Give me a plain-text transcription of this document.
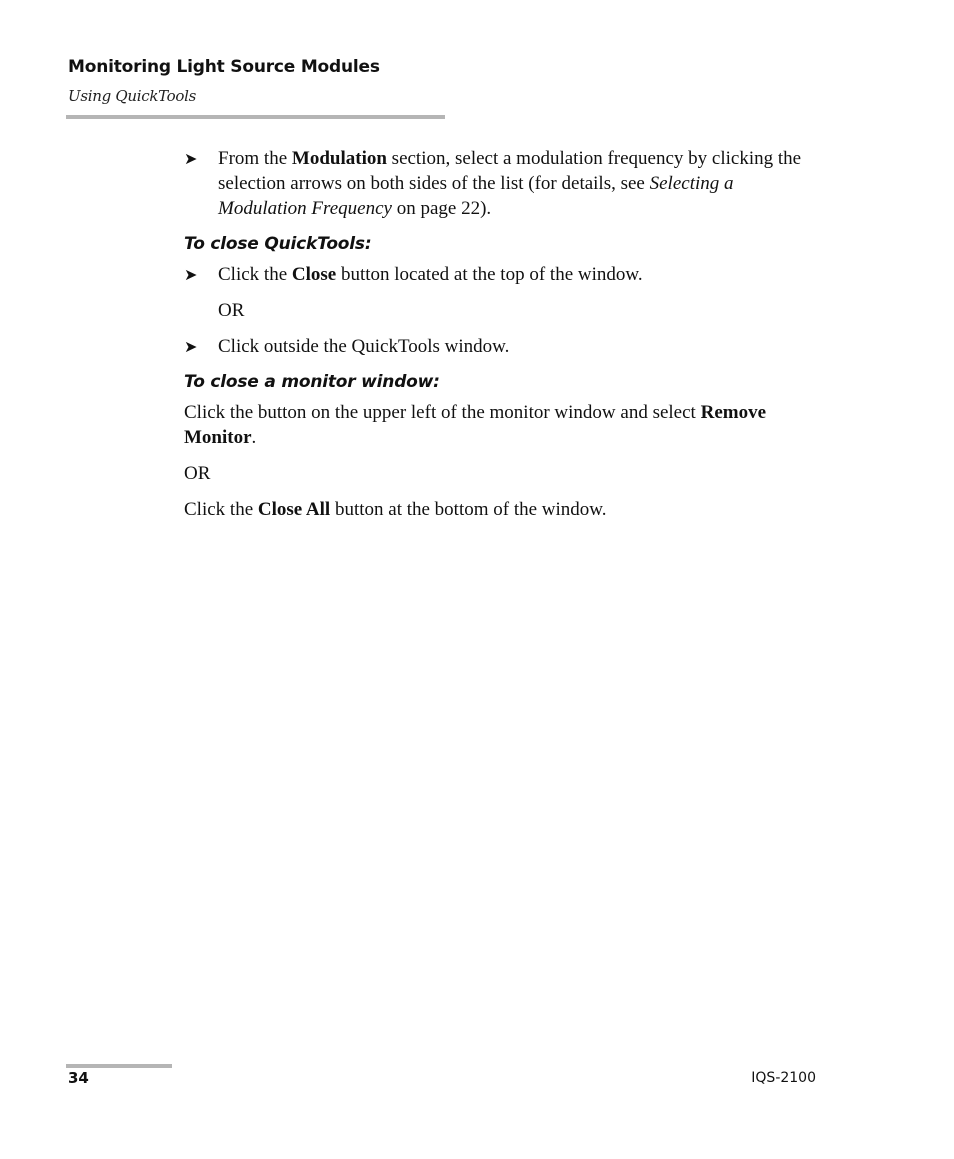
Monitoring Light Source Modules
Using QuickTools
➤ From the Modulation section, select a modulation frequency by clicking the selection arrows on both sides of the list (for details, see Selecting a Modulation Frequency on page 22).
To close QuickTools:
➤ Click the Close button located at the top of the window.
OR
➤ Click outside the QuickTools window.
To close a monitor window:
Click the button on the upper left of the monitor window and select Remove Monitor.
OR
Click the Close All button at the bottom of the window.
34	IQS-2100
